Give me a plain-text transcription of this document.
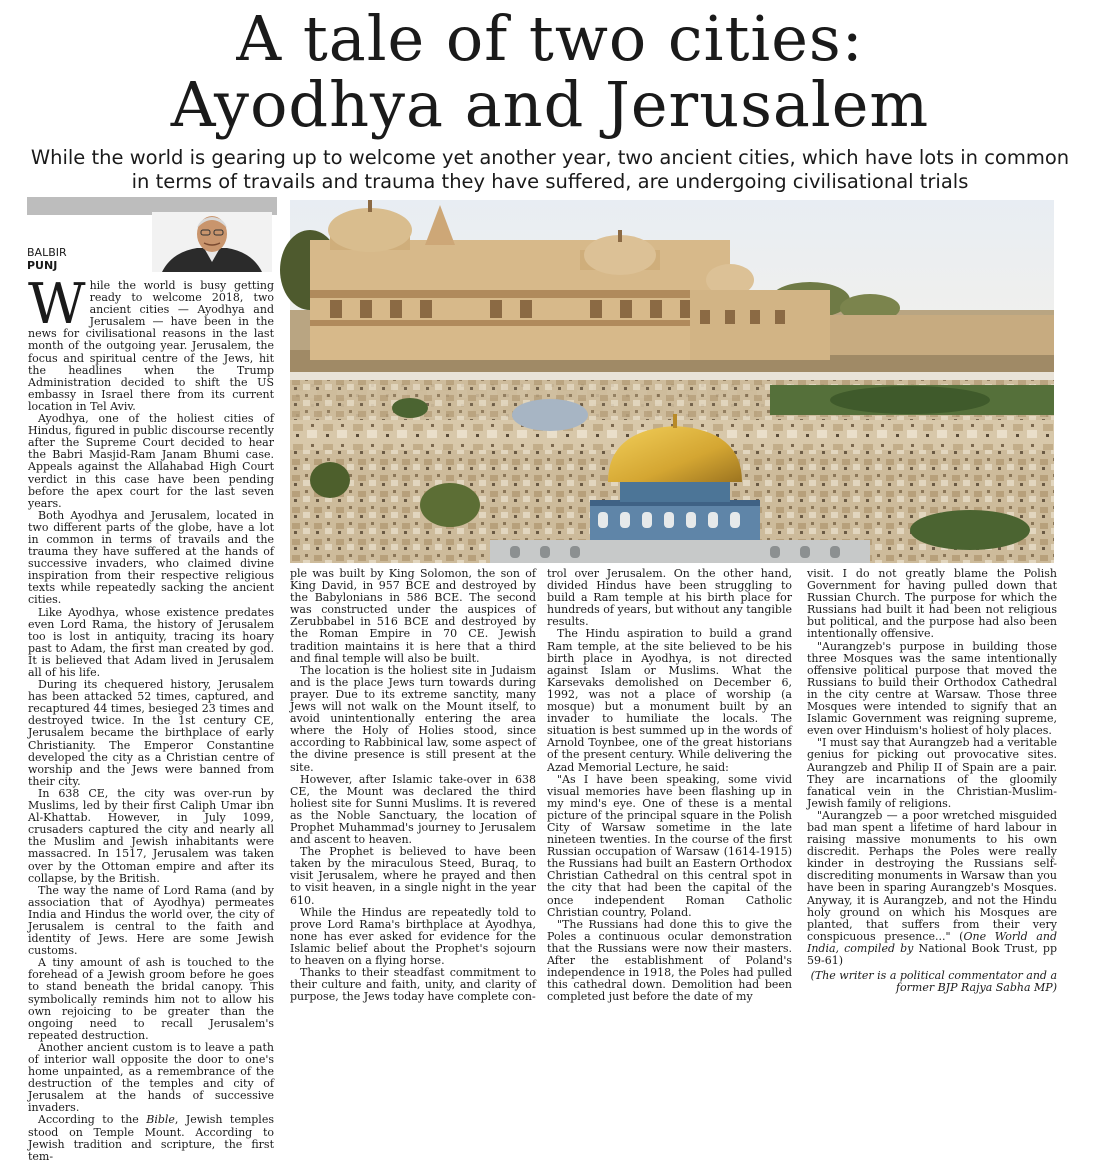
A tale of two cities:
Ayodhya and Jerusalem
While the world is gearing up to welcome yet another year, two ancient cities, which have lots in common in terms of travails and trauma they have suffered, are undergoing civilisational trials
BALBIR
PUNJ

While the world is busy getting ready to welcome 2018, two ancient cities — Ayodhya and Jerusalem — have been in the news for civilisational reasons in the last month of the outgoing year. Jerusalem, the focus and spiritual centre of the Jews, hit the headlines when the Trump Administration decided to shift the US embassy in Israel there from its current location in Tel Aviv.

Ayodhya, one of the holiest cities of Hindus, figured in public discourse recently after the Supreme Court decided to hear the Babri Masjid-Ram Janam Bhumi case. Appeals against the Allahabad High Court verdict in this case have been pending before the apex court for the last seven years.

Both Ayodhya and Jerusalem, located in two different parts of the globe, have a lot in common in terms of travails and the trauma they have suffered at the hands of successive invaders, who claimed divine inspiration from their respective religious texts while repeatedly sacking the ancient cities.

Like Ayodhya, whose existence predates even Lord Rama, the history of Jerusalem too is lost in antiquity, tracing its hoary past to Adam, the first man created by god. It is believed that Adam lived in Jerusalem all of his life.

During its chequered history, Jerusalem has been attacked 52 times, captured, and recaptured 44 times, besieged 23 times and destroyed twice. In the 1st century CE, Jerusalem became the birthplace of early Christianity. The Emperor Constantine developed the city as a Christian centre of worship and the Jews were banned from their city.

In 638 CE, the city was over-run by Muslims, led by their first Caliph Umar ibn Al-Khattab. However, in July 1099, crusaders captured the city and nearly all the Muslim and Jewish inhabitants were massacred. In 1517, Jerusalem was taken over by the Ottoman empire and after its collapse, by the British.

The way the name of Lord Rama (and by association that of Ayodhya) permeates India and Hindus the world over, the city of Jerusalem is central to the faith and identity of Jews. Here are some Jewish customs.

A tiny amount of ash is touched to the forehead of a Jewish groom before he goes to stand beneath the bridal canopy. This symbolically reminds him not to allow his own rejoicing to be greater than the ongoing need to recall Jerusalem's repeated destruction.

Another ancient custom is to leave a path of interior wall opposite the door to one's home unpainted, as a remembrance of the destruction of the temples and city of Jerusalem at the hands of successive invaders.

According to the Bible, Jewish temples stood on Temple Mount. According to Jewish tradition and scripture, the first tem-

ple was built by King Solomon, the son of King David, in 957 BCE and destroyed by the Babylonians in 586 BCE. The second was constructed under the auspices of Zerubbabel in 516 BCE and destroyed by the Roman Empire in 70 CE. Jewish tradition maintains it is here that a third and final temple will also be built.

The location is the holiest site in Judaism and is the place Jews turn towards during prayer. Due to its extreme sanctity, many Jews will not walk on the Mount itself, to avoid unintentionally entering the area where the Holy of Holies stood, since according to Rabbinical law, some aspect of the divine presence is still present at the site.

However, after Islamic take-over in 638 CE, the Mount was declared the third holiest site for Sunni Muslims. It is revered as the Noble Sanctuary, the location of Prophet Muhammad's journey to Jerusalem and ascent to heaven.

The Prophet is believed to have been taken by the miraculous Steed, Buraq, to visit Jerusalem, where he prayed and then to visit heaven, in a single night in the year 610.

While the Hindus are repeatedly told to prove Lord Rama's birthplace at Ayodhya, none has ever asked for evidence for the Islamic belief about the Prophet's sojourn to heaven on a flying horse.

Thanks to their steadfast commitment to their culture and faith, unity, and clarity of purpose, the Jews today have complete con-

trol over Jerusalem. On the other hand, divided Hindus have been struggling to build a Ram temple at his birth place for hundreds of years, but without any tangible results.

The Hindu aspiration to build a grand Ram temple, at the site believed to be his birth place in Ayodhya, is not directed against Islam or Muslims. What the Karsevaks demolished on December 6, 1992, was not a place of worship (a mosque) but a monument built by an invader to humiliate the locals. The situation is best summed up in the words of Arnold Toynbee, one of the great historians of the present century. While delivering the Azad Memorial Lecture, he said:

"As I have been speaking, some vivid visual memories have been flashing up in my mind's eye. One of these is a mental picture of the principal square in the Polish City of Warsaw sometime in the late nineteen twenties. In the course of the first Russian occupation of Warsaw (1614-1915) the Russians had built an Eastern Orthodox Christian Cathedral on this central spot in the city that had been the capital of the once independent Roman Catholic Christian country, Poland.

"The Russians had done this to give the Poles a continuous ocular demonstration that the Russians were now their masters. After the establishment of Poland's independence in 1918, the Poles had pulled this cathedral down. Demolition had been completed just before the date of my

visit. I do not greatly blame the Polish Government for having pulled down that Russian Church. The purpose for which the Russians had built it had been not religious but political, and the purpose had also been intentionally offensive.

"Aurangzeb's purpose in building those three Mosques was the same intentionally offensive political purpose that moved the Russians to build their Orthodox Cathedral in the city centre at Warsaw. Those three Mosques were intended to signify that an Islamic Government was reigning supreme, even over Hinduism's holiest of holy places.

"I must say that Aurangzeb had a veritable genius for picking out provocative sites. Aurangzeb and Philip II of Spain are a pair. They are incarnations of the gloomily fanatical vein in the Christian-Muslim-Jewish family of religions.

"Aurangzeb — a poor wretched misguided bad man spent a lifetime of hard labour in raising massive monuments to his own discredit. Perhaps the Poles were really kinder in destroying the Russians self-discrediting monuments in Warsaw than you have been in sparing Aurangzeb's Mosques. Anyway, it is Aurangzeb, and not the Hindu holy ground on which his Mosques are planted, that suffers from their very conspicuous presence..." (One World and India, compiled by National Book Trust, pp 59-61)

(The writer is a political commentator and a former BJP Rajya Sabha MP)
